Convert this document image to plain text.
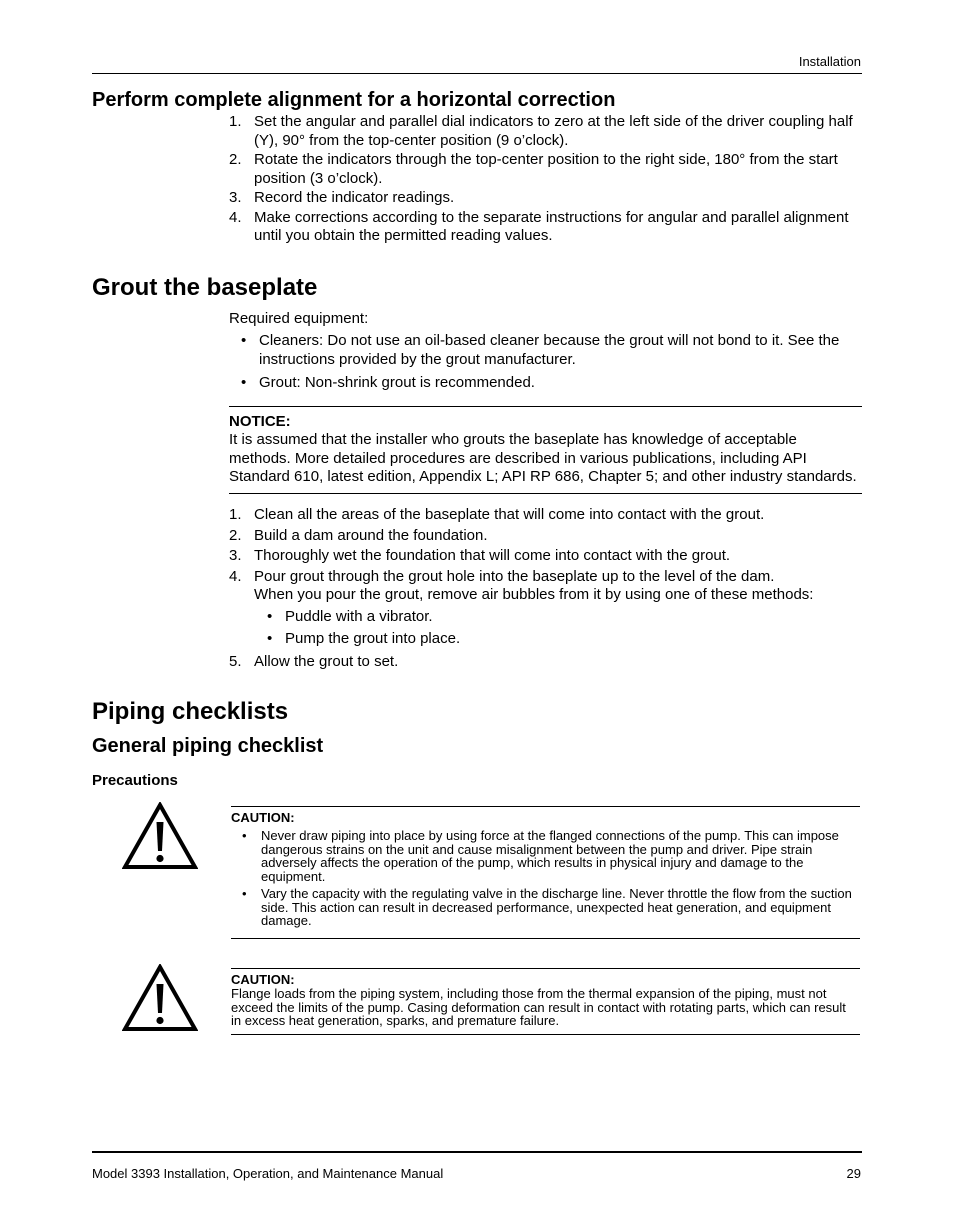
Installation
Perform complete alignment for a horizontal correction
1. Set the angular and parallel dial indicators to zero at the left side of the driver coupling half (Y), 90° from the top-center position (9 o’clock).
2. Rotate the indicators through the top-center position to the right side, 180° from the start position (3 o’clock).
3. Record the indicator readings.
4. Make corrections according to the separate instructions for angular and parallel alignment until you obtain the permitted reading values.
Grout the baseplate
Required equipment:
• Cleaners: Do not use an oil-based cleaner because the grout will not bond to it. See the instructions provided by the grout manufacturer.
• Grout: Non-shrink grout is recommended.
NOTICE:
It is assumed that the installer who grouts the baseplate has knowledge of acceptable methods. More detailed procedures are described in various publications, including API Standard 610, latest edition, Appendix L; API RP 686, Chapter 5; and other industry standards.
1. Clean all the areas of the baseplate that will come into contact with the grout.
2. Build a dam around the foundation.
3. Thoroughly wet the foundation that will come into contact with the grout.
4. Pour grout through the grout hole into the baseplate up to the level of the dam.
When you pour the grout, remove air bubbles from it by using one of these methods:
• Puddle with a vibrator.
• Pump the grout into place.
5. Allow the grout to set.
Piping checklists
General piping checklist
Precautions
CAUTION:
• Never draw piping into place by using force at the flanged connections of the pump. This can impose dangerous strains on the unit and cause misalignment between the pump and driver. Pipe strain adversely affects the operation of the pump, which results in physical injury and damage to the equipment.
• Vary the capacity with the regulating valve in the discharge line. Never throttle the flow from the suction side. This action can result in decreased performance, unexpected heat generation, and equipment damage.
CAUTION:
Flange loads from the piping system, including those from the thermal expansion of the piping, must not exceed the limits of the pump. Casing deformation can result in contact with rotating parts, which can result in excess heat generation, sparks, and premature failure.
Model 3393 Installation, Operation, and Maintenance Manual	29
